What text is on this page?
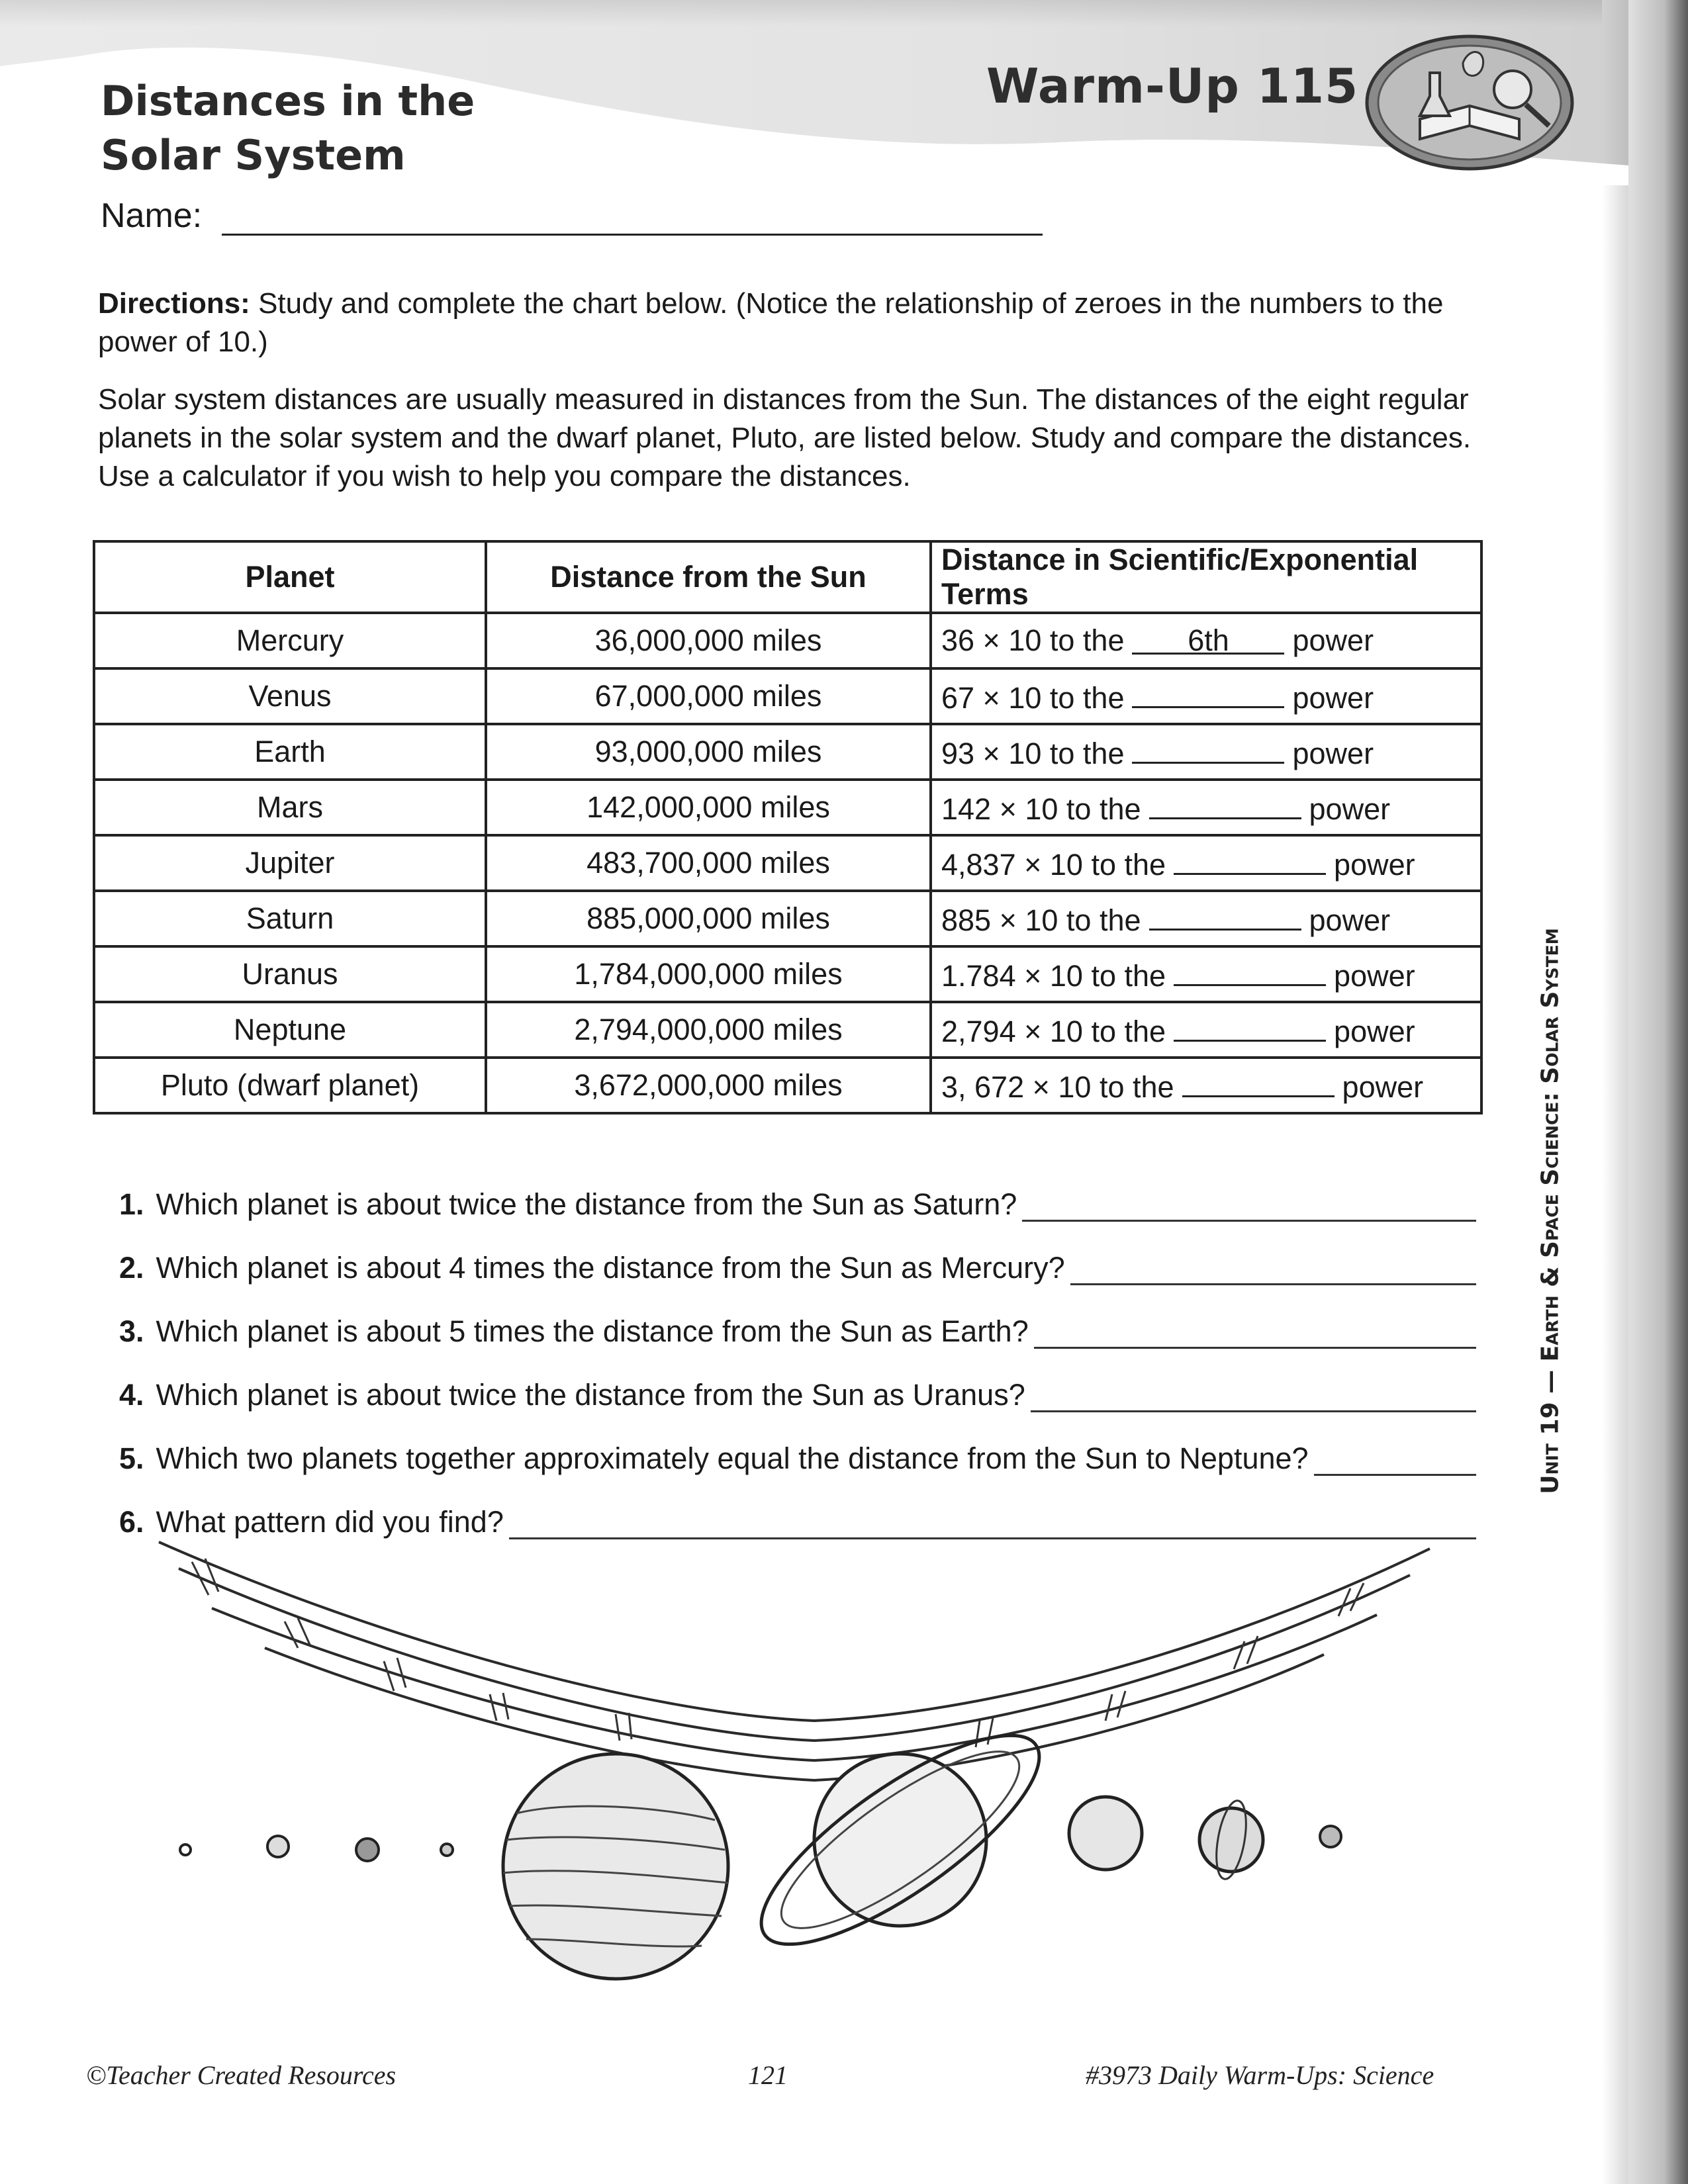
Distances in the
Solar System
Warm-Up 115
Name:
Directions: Study and complete the chart below. (Notice the relationship of zeroes in the numbers to the power of 10.)
Solar system distances are usually measured in distances from the Sun. The distances of the eight regular planets in the solar system and the dwarf planet, Pluto, are listed below. Study and compare the distances. Use a calculator if you wish to help you compare the distances.
Planet	Distance from the Sun	Distance in Scientific/Exponential Terms
Mercury	36,000,000 miles	36 × 10 to the 6th power
Venus	67,000,000 miles	67 × 10 to the power
Earth	93,000,000 miles	93 × 10 to the power
Mars	142,000,000 miles	142 × 10 to the power
Jupiter	483,700,000 miles	4,837 × 10 to the power
Saturn	885,000,000 miles	885 × 10 to the power
Uranus	1,784,000,000 miles	1.784 × 10 to the power
Neptune	2,794,000,000 miles	2,794 × 10 to the power
Pluto (dwarf planet)	3,672,000,000 miles	3, 672 × 10 to the power	Unit 19 — Earth & Space Science: Solar System
1. Which planet is about twice the distance from the Sun as Saturn?
2. Which planet is about 4 times the distance from the Sun as Mercury?
3. Which planet is about 5 times the distance from the Sun as Earth?
4. Which planet is about twice the distance from the Sun as Uranus?
5. Which two planets together approximately equal the distance from the Sun to Neptune?
6. What pattern did you find?
©Teacher Created Resources	121	#3973 Daily Warm-Ups: Science
